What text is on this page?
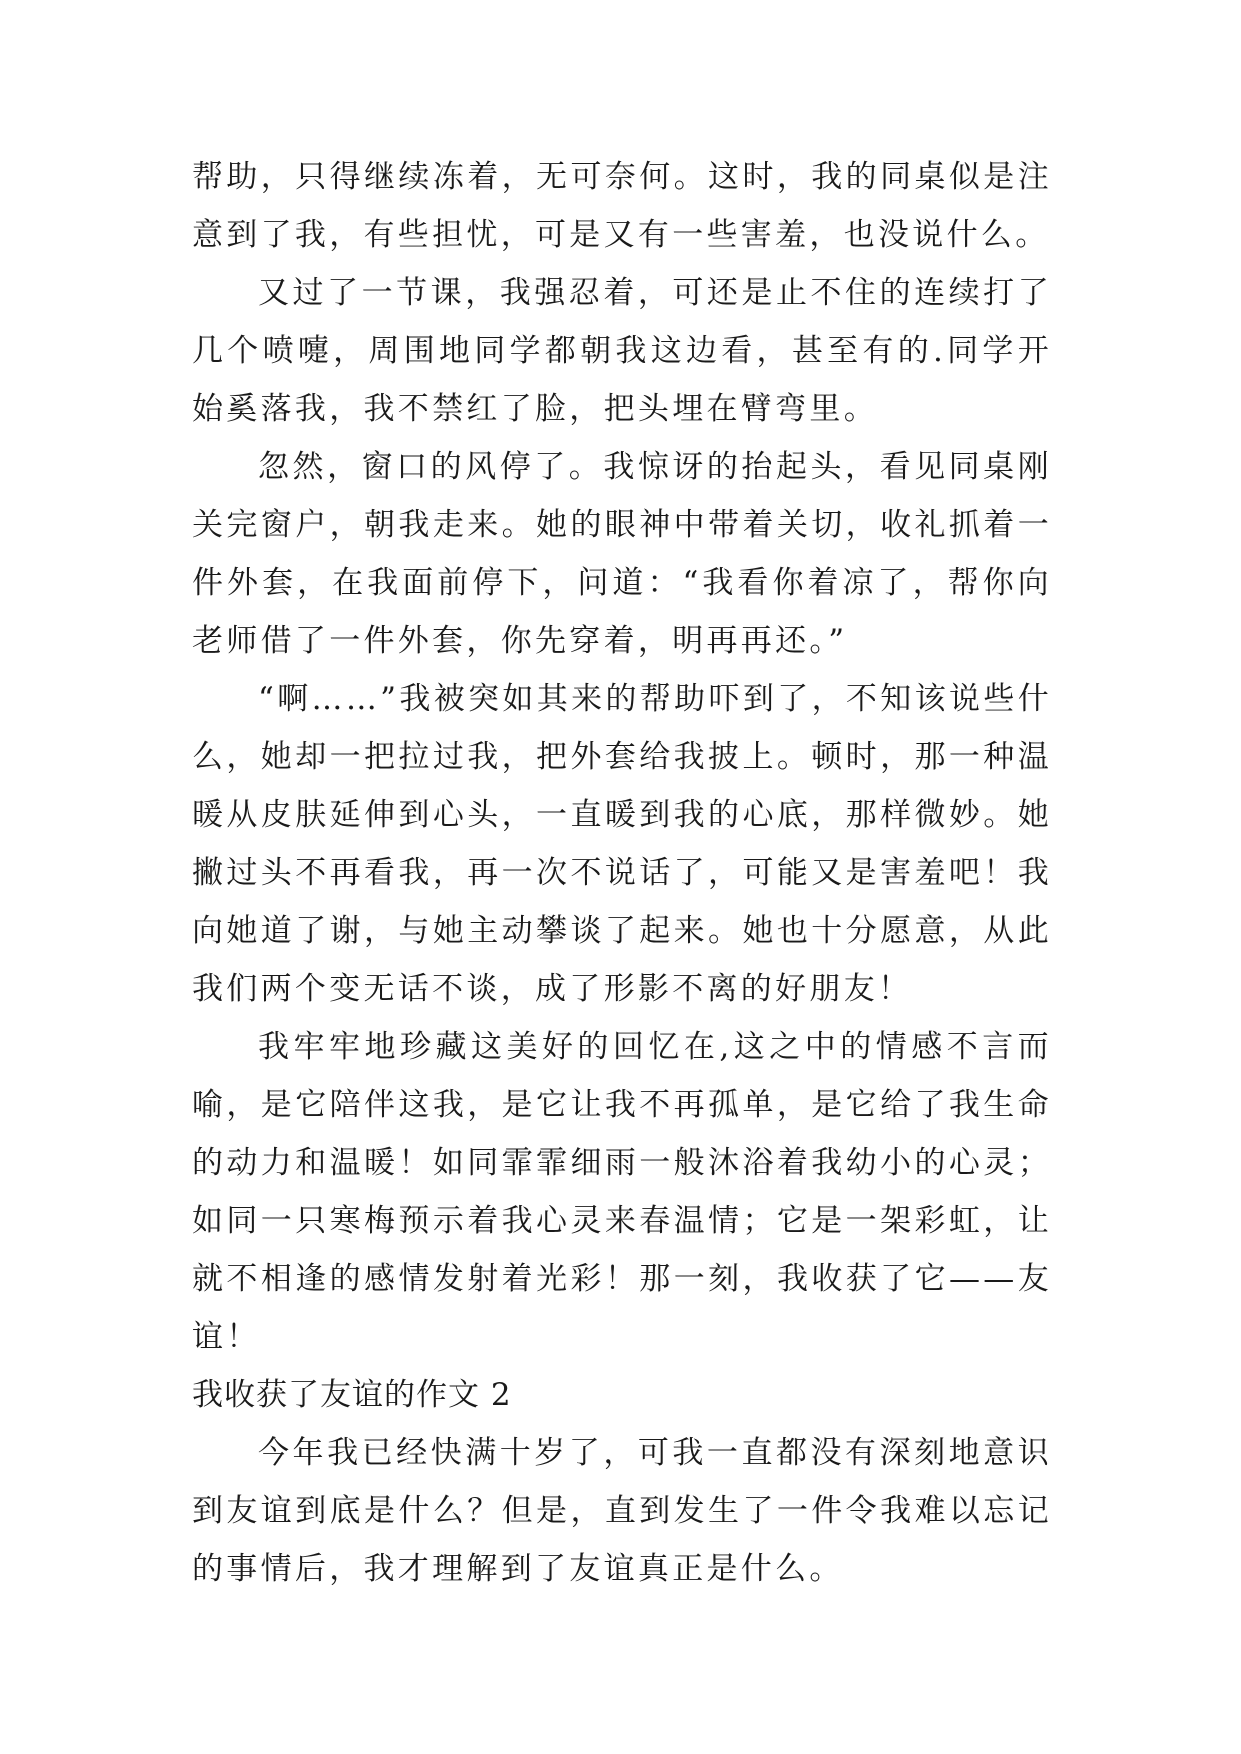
帮助，只得继续冻着，无可奈何。这时，我的同桌似是注意到了我，有些担忧，可是又有一些害羞，也没说什么。

又过了一节课，我强忍着，可还是止不住的连续打了几个喷嚏，周围地同学都朝我这边看，甚至有的.同学开始奚落我，我不禁红了脸，把头埋在臂弯里。

忽然，窗口的风停了。我惊讶的抬起头，看见同桌刚关完窗户，朝我走来。她的眼神中带着关切，收礼抓着一件外套，在我面前停下，问道：“我看你着凉了，帮你向老师借了一件外套，你先穿着，明再再还。”

“啊……”我被突如其来的帮助吓到了，不知该说些什么，她却一把拉过我，把外套给我披上。顿时，那一种温暖从皮肤延伸到心头，一直暖到我的心底，那样微妙。她撇过头不再看我，再一次不说话了，可能又是害羞吧！我向她道了谢，与她主动攀谈了起来。她也十分愿意，从此我们两个变无话不谈，成了形影不离的好朋友！

我牢牢地珍藏这美好的回忆在,这之中的情感不言而喻，是它陪伴这我，是它让我不再孤单，是它给了我生命的动力和温暖！如同霏霏细雨一般沐浴着我幼小的心灵；如同一只寒梅预示着我心灵来春温情；它是一架彩虹，让就不相逢的感情发射着光彩！那一刻，我收获了它——友谊！

我收获了友谊的作文 2

今年我已经快满十岁了，可我一直都没有深刻地意识到友谊到底是什么？但是，直到发生了一件令我难以忘记的事情后，我才理解到了友谊真正是什么。
